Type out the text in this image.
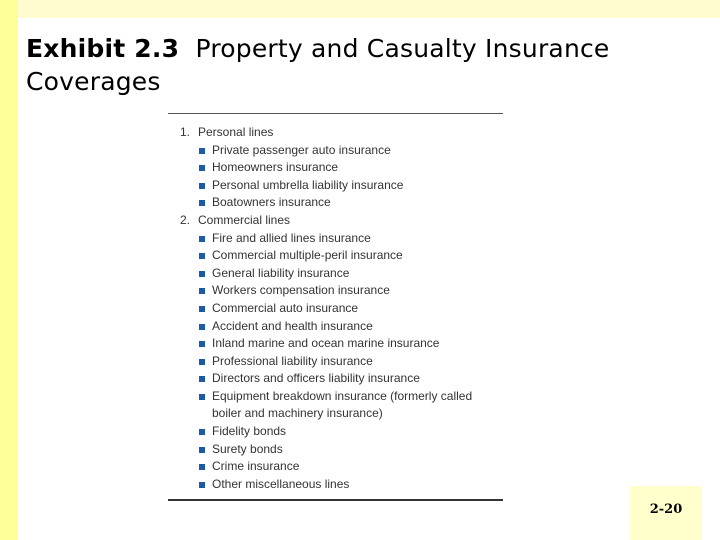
Exhibit 2.3 Property and Casualty Insurance Coverages
1. Personal lines
Private passenger auto insurance
Homeowners insurance
Personal umbrella liability insurance
Boatowners insurance
2. Commercial lines
Fire and allied lines insurance
Commercial multiple-peril insurance
General liability insurance
Workers compensation insurance
Commercial auto insurance
Accident and health insurance
Inland marine and ocean marine insurance
Professional liability insurance
Directors and officers liability insurance
Equipment breakdown insurance (formerly called
boiler and machinery insurance)
Fidelity bonds
Surety bonds
Crime insurance
Other miscellaneous lines
2-20
